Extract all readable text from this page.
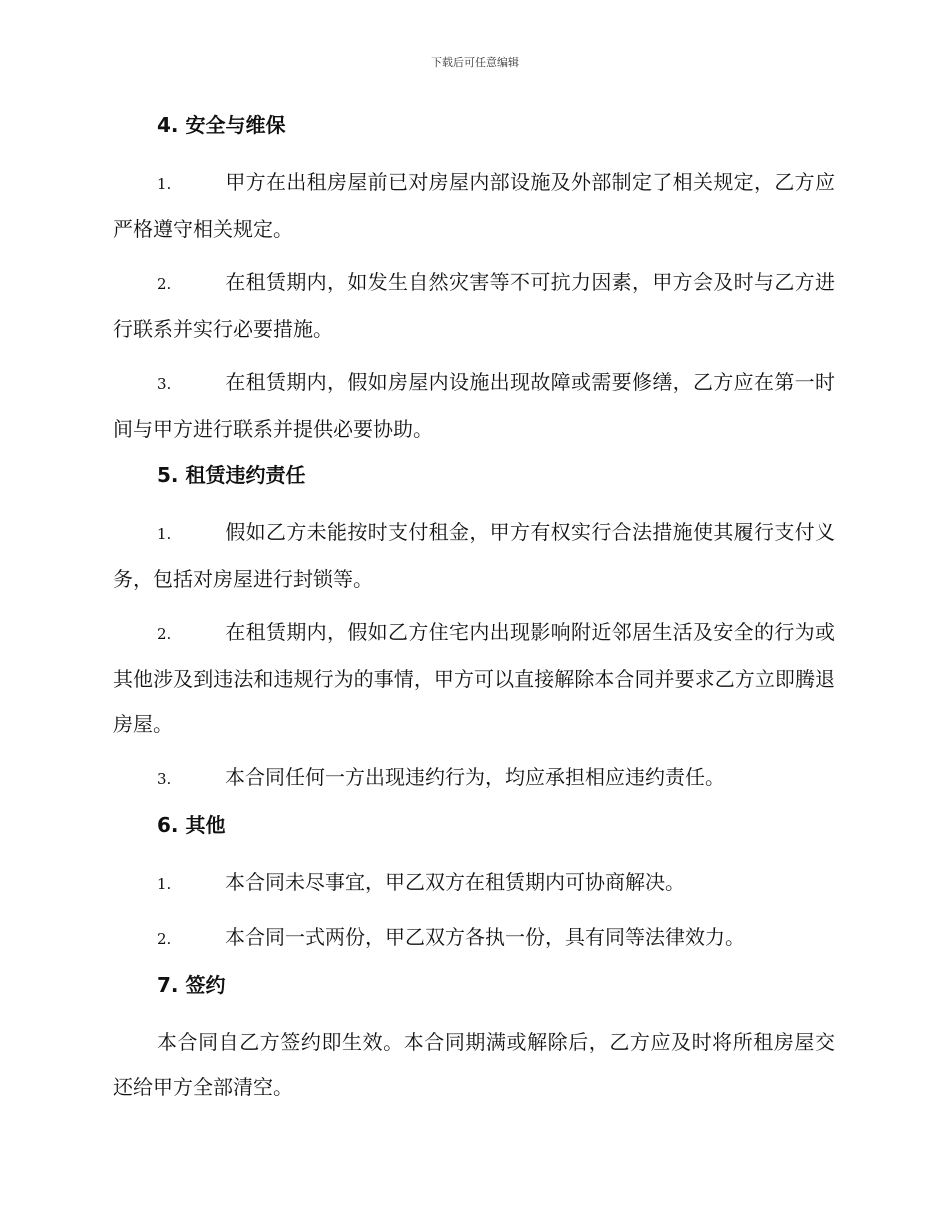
下载后可任意编辑
4. 安全与维保
1.	甲方在出租房屋前已对房屋内部设施及外部制定了相关规定，乙方应严格遵守相关规定。
2.	在租赁期内，如发生自然灾害等不可抗力因素，甲方会及时与乙方进行联系并实行必要措施。
3.	在租赁期内，假如房屋内设施出现故障或需要修缮，乙方应在第一时间与甲方进行联系并提供必要协助。
5. 租赁违约责任
1.	假如乙方未能按时支付租金，甲方有权实行合法措施使其履行支付义务，包括对房屋进行封锁等。
2.	在租赁期内，假如乙方住宅内出现影响附近邻居生活及安全的行为或其他涉及到违法和违规行为的事情，甲方可以直接解除本合同并要求乙方立即腾退房屋。
3.	本合同任何一方出现违约行为，均应承担相应违约责任。
6. 其他
1.	本合同未尽事宜，甲乙双方在租赁期内可协商解决。
2.	本合同一式两份，甲乙双方各执一份，具有同等法律效力。
7. 签约

本合同自乙方签约即生效。本合同期满或解除后，乙方应及时将所租房屋交还给甲方全部清空。
